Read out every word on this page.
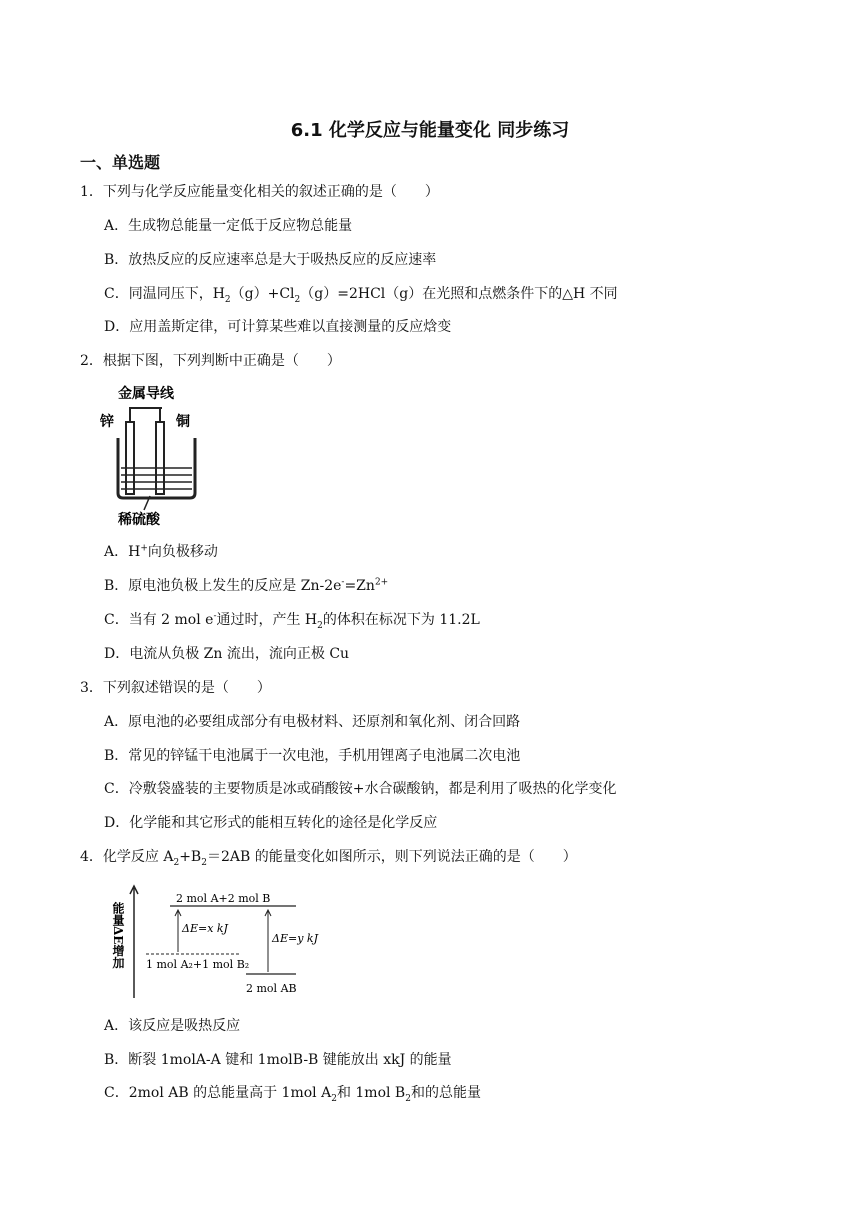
6.1 化学反应与能量变化 同步练习
一、单选题
1．下列与化学反应能量变化相关的叙述正确的是（　　）
A．生成物总能量一定低于反应物总能量
B．放热反应的反应速率总是大于吸热反应的反应速率
C．同温同压下，$H_2(g)+Cl_2(g)=2HCl(g)$在光照和点燃条件下的△H 不同
D．应用盖斯定律，可计算某些难以直接测量的反应焓变
2．根据下图，下列判断中正确是（　　）
金属导线
锌	铜
稀硫酸
A．H+向负极移动
B．原电池负极上发生的反应是 $Zn-2e^-=Zn^{2+}$
C．当有 2 mol e-通过时，产生 $H_2$的体积在标况下为 11.2L
D．电流从负极 Zn 流出，流向正极 Cu
3．下列叙述错误的是（　　）
A．原电池的必要组成部分有电极材料、还原剂和氧化剂、闭合回路
B．常见的锌锰干电池属于一次电池，手机用锂离子电池属二次电池
C．冷敷袋盛装的主要物质是冰或硝酸铵+水合碳酸钠，都是利用了吸热的化学变化
D．化学能和其它形式的能相互转化的途径是化学反应
4．化学反应 $A_2+B_2=2AB$ 的能量变化如图所示，则下列说法正确的是（　　）
能量ΔE增加
2 mol A+2 mol B
ΔE=x kJ
1 mol A₂+1 mol B₂
ΔE=y kJ
2 mol AB
A．该反应是吸热反应
B．断裂 1molA-A 键和 1molB-B 键能放出 xkJ 的能量
C．2mol AB 的总能量高于 1mol $A_2$和 1mol $B_2$和的总能量
